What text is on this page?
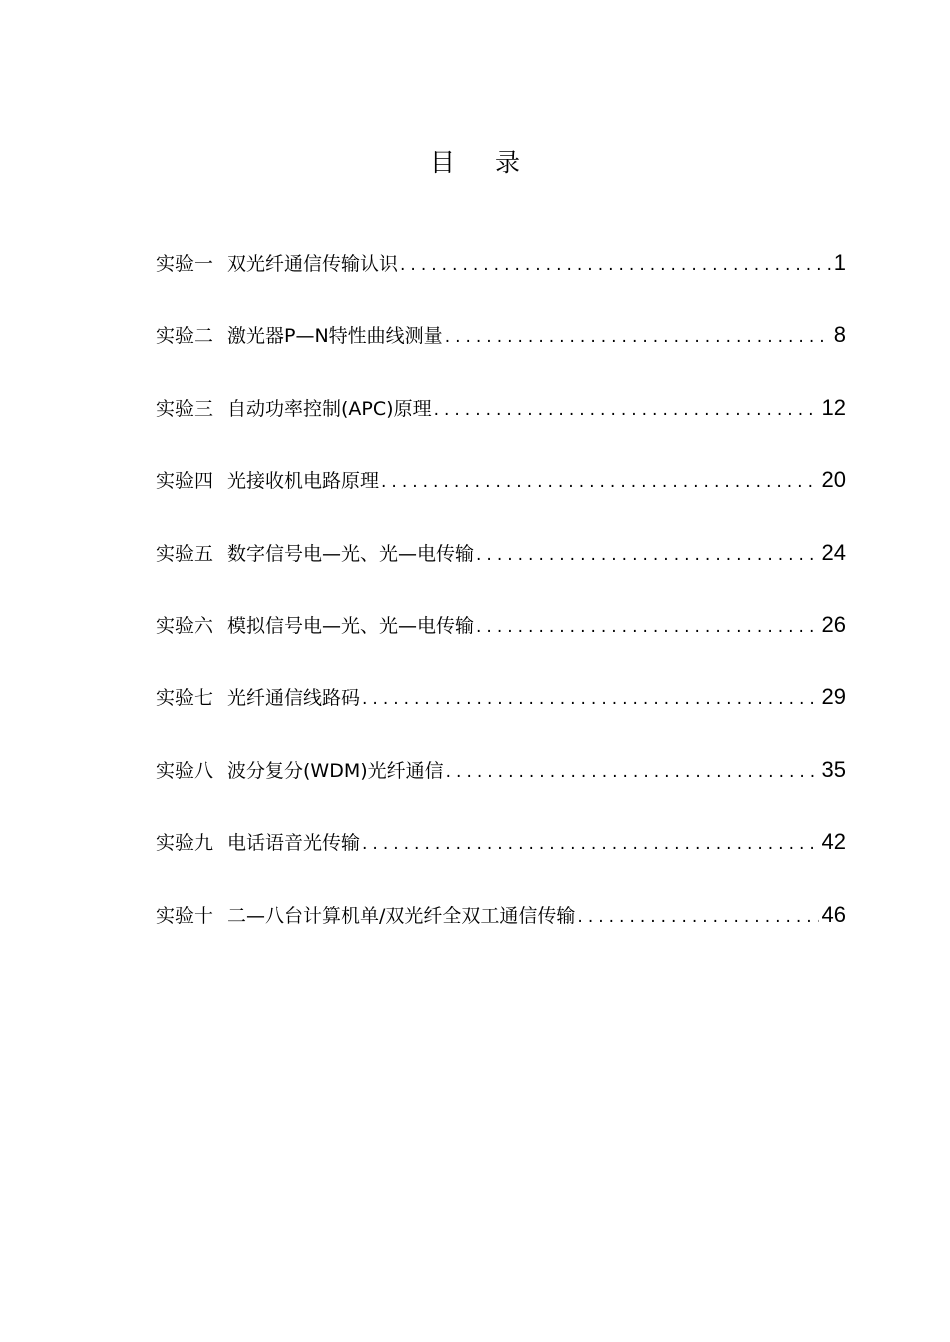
目 录
实验一 双光纤通信传输认识 .....	1
实验二 激光器P—N特性曲线测量 .....	8
实验三 自动功率控制(APC)原理 .....	12
实验四 光接收机电路原理 .....	20
实验五 数字信号电—光、光—电传输 .....	24
实验六 模拟信号电—光、光—电传输 .....	26
实验七 光纤通信线路码 .....	29
实验八 波分复分(WDM)光纤通信 .....	35
实验九 电话语音光传输 .....	42
实验十 二—八台计算机单/双光纤全双工通信传输 .....	46
